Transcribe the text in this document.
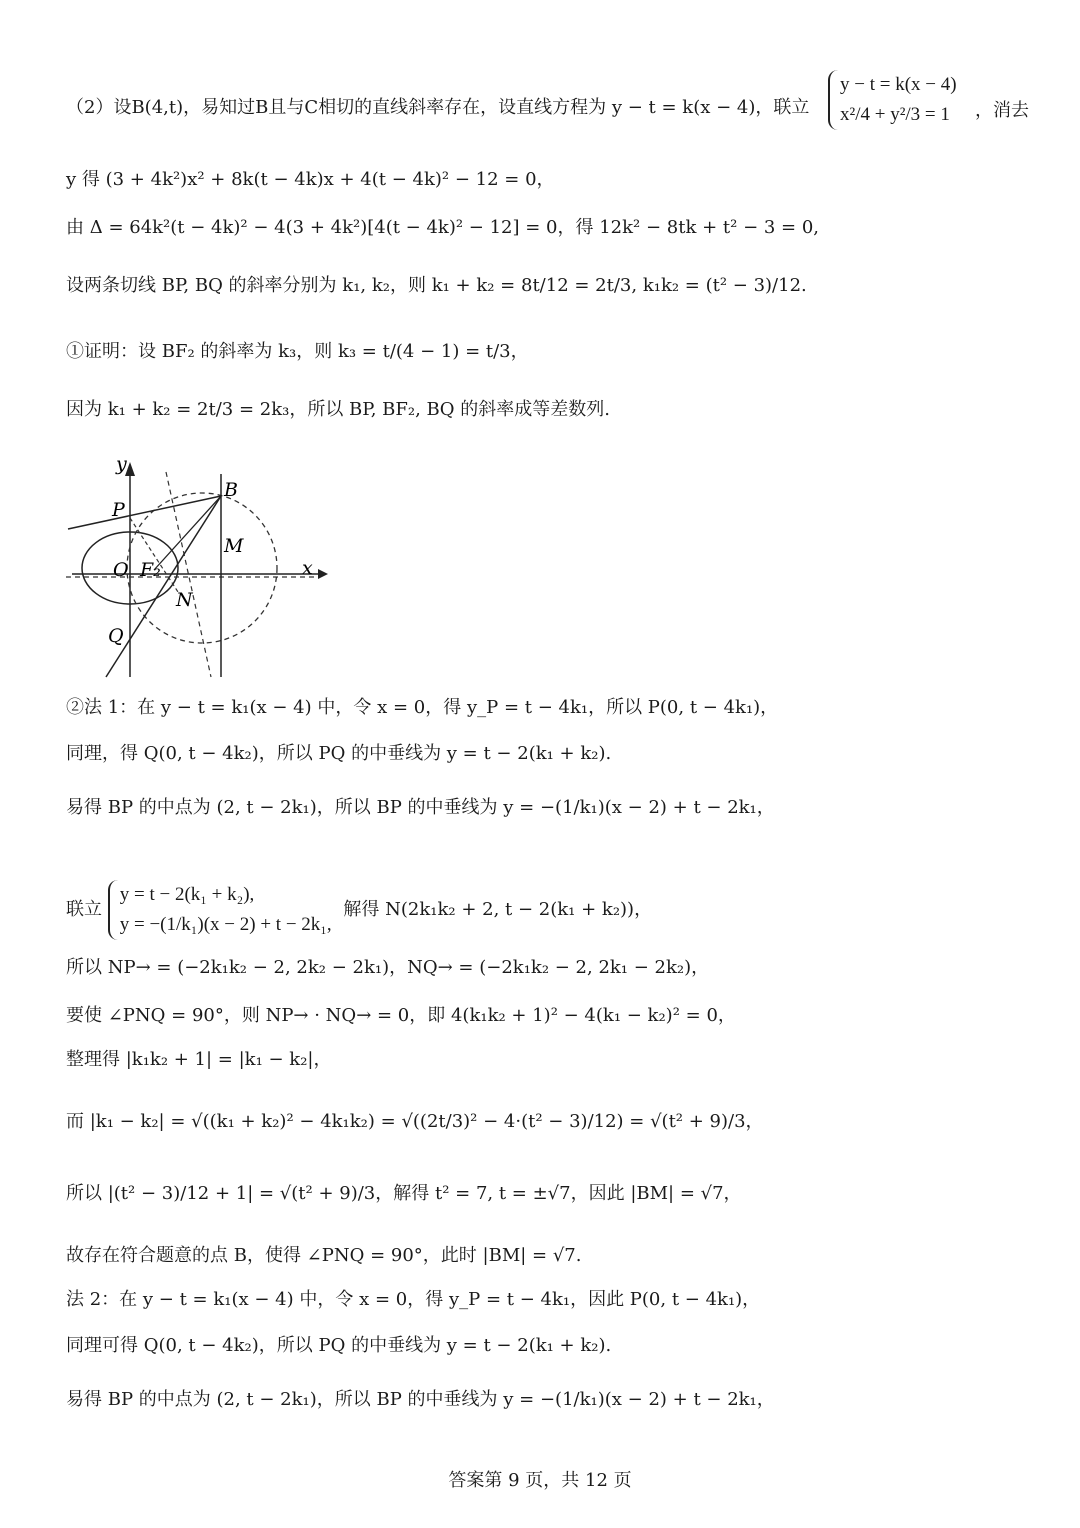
（2）设B(4,t)，易知过B且与C相切的直线斜率存在，设直线方程为 y − t = k(x − 4)，联立
y − t = k(x − 4)
x²/4 + y²/3 = 1	，消去
y 得 (3 + 4k²)x² + 8k(t − 4k)x + 4(t − 4k)² − 12 = 0，
由 Δ = 64k²(t − 4k)² − 4(3 + 4k²)[4(t − 4k)² − 12] = 0，得 12k² − 8tk + t² − 3 = 0,
设两条切线 BP, BQ 的斜率分别为 k₁, k₂，则 k₁ + k₂ = 8t/12 = 2t/3, k₁k₂ = (t² − 3)/12.
①证明：设 BF₂ 的斜率为 k₃，则 k₃ = t/(4 − 1) = t/3，
因为 k₁ + k₂ = 2t/3 = 2k₃，所以 BP, BF₂, BQ 的斜率成等差数列.
y
x
B
P
M
O F₂
N
Q
②法 1：在 y − t = k₁(x − 4) 中，令 x = 0，得 y_P = t − 4k₁，所以 P(0, t − 4k₁)，
同理，得 Q(0, t − 4k₂)，所以 PQ 的中垂线为 y = t − 2(k₁ + k₂).
易得 BP 的中点为 (2, t − 2k₁)，所以 BP 的中垂线为 y = −(1/k₁)(x − 2) + t − 2k₁，
联立
y = t − 2(k₁ + k₂),
y = −(1/k₁)(x − 2) + t − 2k₁,
解得 N(2k₁k₂ + 2, t − 2(k₁ + k₂))，
所以 NP→ = (−2k₁k₂ − 2, 2k₂ − 2k₁)，NQ→ = (−2k₁k₂ − 2, 2k₁ − 2k₂)，
要使 ∠PNQ = 90°，则 NP→ · NQ→ = 0，即 4(k₁k₂ + 1)² − 4(k₁ − k₂)² = 0，
整理得 |k₁k₂ + 1| = |k₁ − k₂|，
而 |k₁ − k₂| = √((k₁ + k₂)² − 4k₁k₂) = √((2t/3)² − 4·(t² − 3)/12) = √(t² + 9)/3，
所以 |(t² − 3)/12 + 1| = √(t² + 9)/3，解得 t² = 7, t = ±√7，因此 |BM| = √7，
故存在符合题意的点 B，使得 ∠PNQ = 90°，此时 |BM| = √7.
法 2：在 y − t = k₁(x − 4) 中，令 x = 0，得 y_P = t − 4k₁，因此 P(0, t − 4k₁)，
同理可得 Q(0, t − 4k₂)，所以 PQ 的中垂线为 y = t − 2(k₁ + k₂).
易得 BP 的中点为 (2, t − 2k₁)，所以 BP 的中垂线为 y = −(1/k₁)(x − 2) + t − 2k₁，
答案第 9 页，共 12 页
